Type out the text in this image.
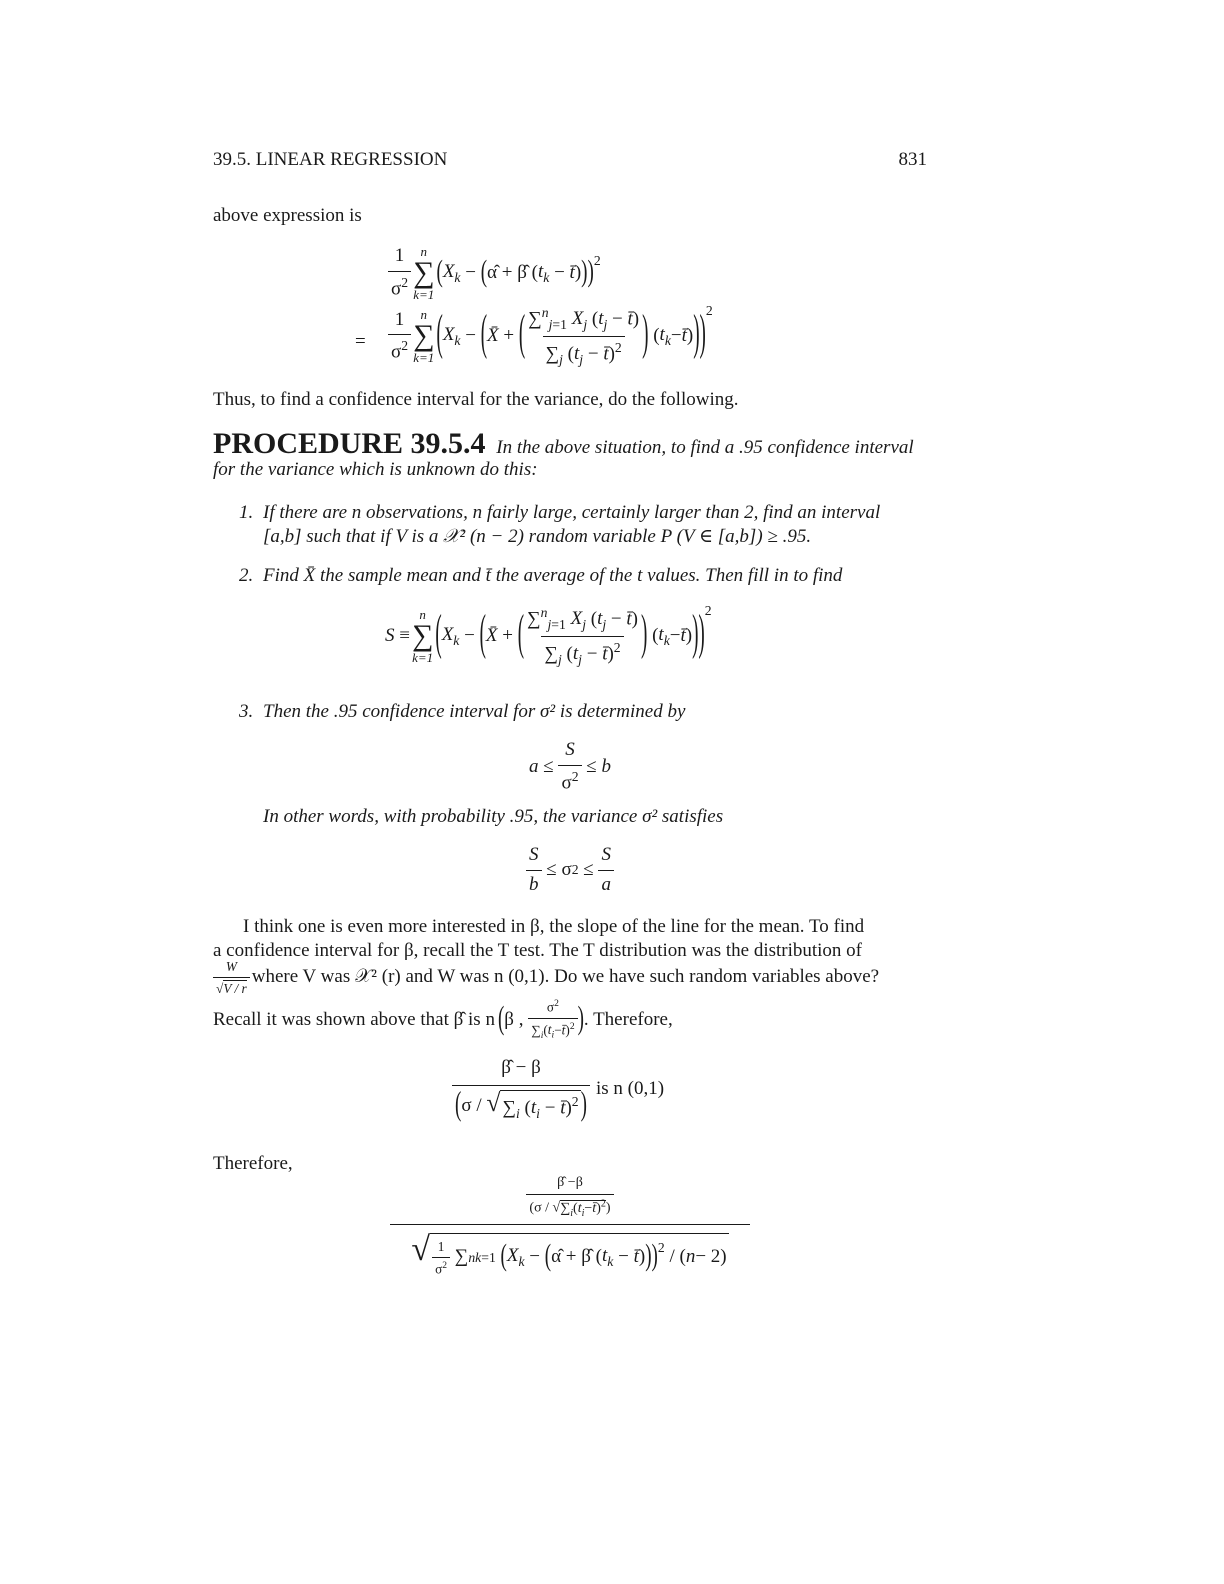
39.5. LINEAR REGRESSION	831
above expression is
$\frac{1}{\sigma^2}$ n
∑
k=1
( $X_k$ − ( α̂ + β̂ ( $t_k$ − t̄ ) ) )$^2$
= $\frac{1}{\sigma^2}$ n
∑
k=1 ( $X_k$ − ( X̄ + ( $\frac{\sum^n_{j=1} X_j (t_j - t̄)}{\sum_j (t_j - t̄)^2}$ ) ( $t_k$ − t̄ ) ) )$^2$
Thus, to find a confidence interval for the variance, do the following.
PROCEDURE 39.5.4 In the above situation, to find a .95 confidence interval
for the variance which is unknown do this:
1. If there are n observations, n fairly large, certainly larger than 2, find an interval
[a,b] such that if V is a 𝒳² (n − 2) random variable P (V ∈ [a,b]) ≥ .95.
2. Find X̄ the sample mean and t̄ the average of the t values. Then fill in to find
S ≡
n
∑
k=1 ( $X_k$ − ( X̄ + ( $\frac{\sum^n_{j=1} X_j (t_j - t̄)}{\sum_j (t_j - t̄)^2}$ ) ( $t_k$ − t̄ ) ) )$^2$
3. Then the .95 confidence interval for σ² is determined by
$a \le \frac{S}{\sigma^2} \le b$
In other words, with probability .95, the variance σ² satisfies
$\frac{S}{b} \le \sigma$ $2 \le \frac{S}{a}$
I think one is even more interested in β, the slope of the line for the mean. To find
a confidence interval for β, recall the T test. The T distribution was the distribution of
$\frac{W}{√V / r}$ where V was 𝒳² (r) and W was n (0,1). Do we have such random variables above?
Recall it was shown above that β̂ is n ( β , $\frac{\sigma^2}{\sum_i(t_i-t̄)^2}$ ) . Therefore,
$\frac{\betâ - \beta}{(\sigma / √ \sum_i (t_i - t̄)^2 )}$ is n (0,1)
Therefore,
$\frac{\betâ -\beta}{(\sigma / √\sum_i(t_i-t̄)^2)}$
√ $\frac{1}{\sigma^2}$ ∑ n k=1
( $X_k$ − ( α̂ + β̂ ( $t_k$ − t̄ ) ) )$^2$ / ( n − 2)
